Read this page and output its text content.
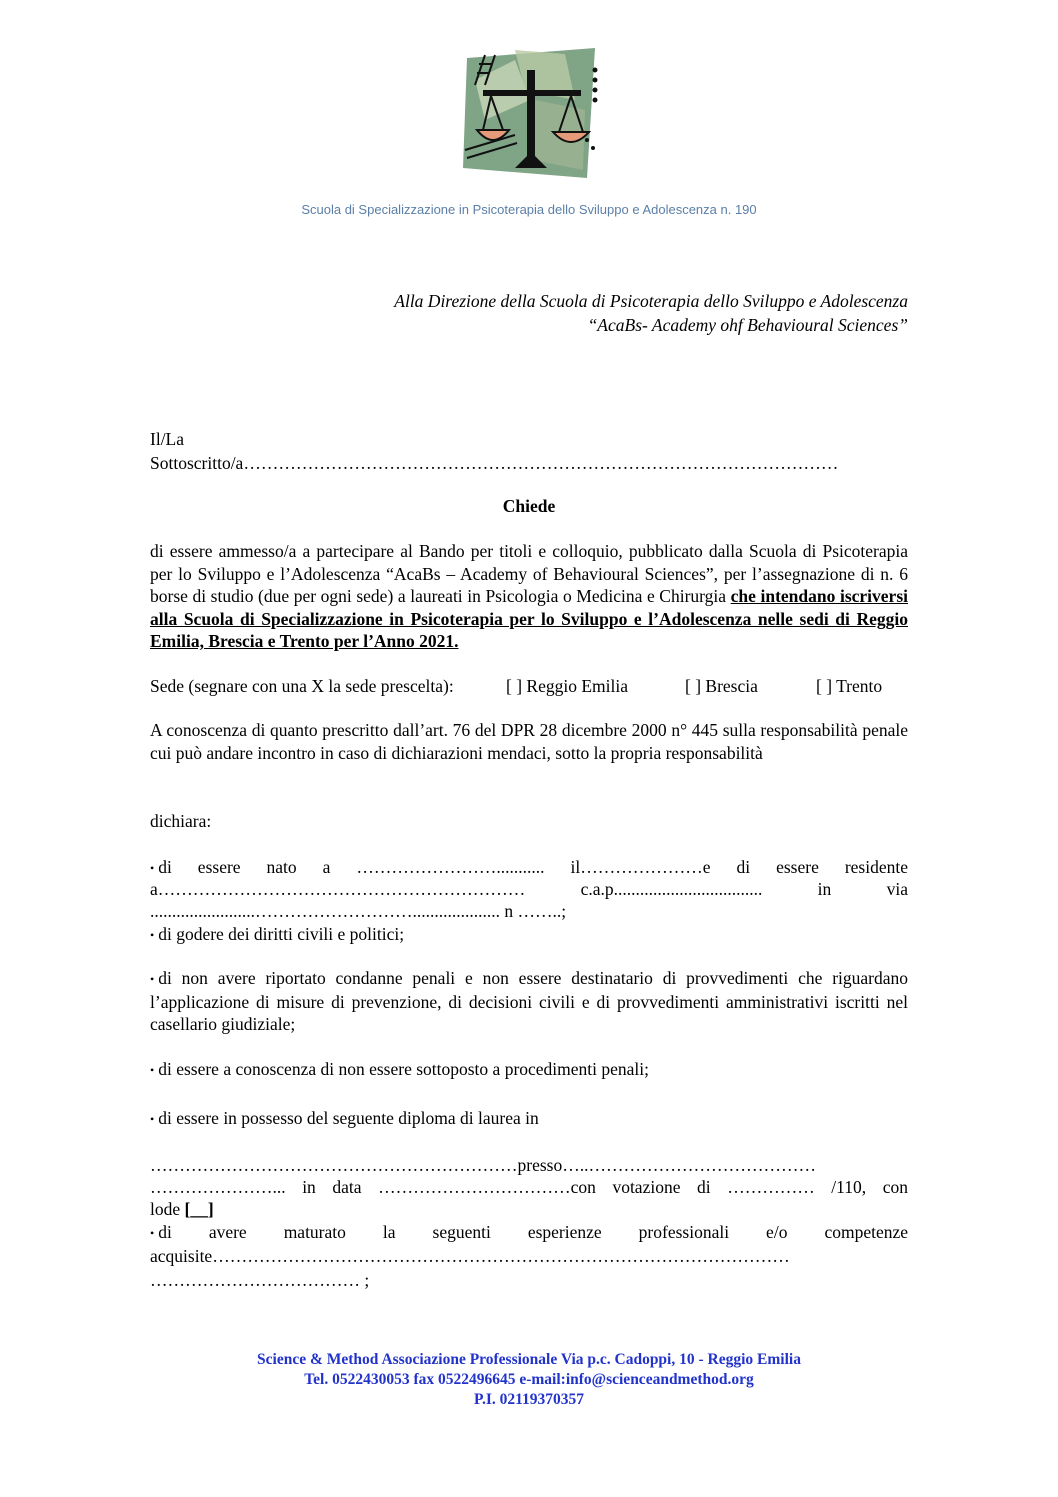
Scuola di Specializzazione in Psicoterapia dello Sviluppo e Adolescenza n. 190
Alla Direzione della Scuola di Psicoterapia dello Sviluppo e Adolescenza
“AcaBs- Academy ohf Behavioural Sciences”
Il/La
Sottoscritto/a…………………………………………………………………………………………
Chiede
di essere ammesso/a a partecipare al Bando per titoli e colloquio, pubblicato dalla Scuola di Psicoterapia per lo Sviluppo e l’Adolescenza “AcaBs – Academy of Behavioural Sciences”, per l’assegnazione di n. 6 borse di studio (due per ogni sede) a laureati in Psicologia o Medicina e Chirurgia che intendano iscriversi alla Scuola di Specializzazione in Psicoterapia per lo Sviluppo e l’Adolescenza nelle sedi di Reggio Emilia, Brescia e Trento per l’Anno 2021.
Sede (segnare con una X la sede prescelta):	[ ] Reggio Emilia	[ ] Brescia	[ ] Trento
A conoscenza di quanto prescritto dall’art. 76 del DPR 28 dicembre 2000 n° 445 sulla responsabilità penale cui può andare incontro in caso di dichiarazioni mendaci, sotto la propria responsabilità
dichiara:
• di essere nato a ……………………........... il…………………e di essere residente
a……………………………………………………… c.a.p.................................. in via
........................……………………….................... n ……..;
• di godere dei diritti civili e politici;
• di non avere riportato condanne penali e non essere destinatario di provvedimenti che riguardano l’applicazione di misure di prevenzione, di decisioni civili e di provvedimenti amministrativi iscritti nel casellario giudiziale;
• di essere a conoscenza di non essere sottoposto a procedimenti penali;
• di essere in possesso del seguente diploma di laurea in
………………………………………………………presso…..…………………………………
…………………... in data ……………………………con votazione di …………… /110, con
lode [__]
• di avere maturato la seguenti esperienze professionali e/o competenze acquisite………………………………………………………………………………………
……………………………… ;
Science & Method Associazione Professionale Via p.c. Cadoppi, 10 - Reggio Emilia
Tel. 0522430053 fax 0522496645 e-mail:info@scienceandmethod.org
P.I. 02119370357
